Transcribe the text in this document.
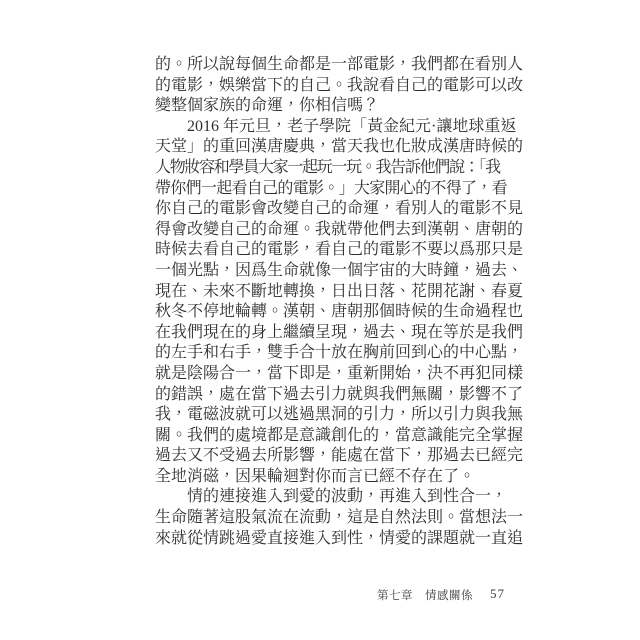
的。所以說每個生命都是一部電影，我們都在看別人
的電影，娛樂當下的自己。我說看自己的電影可以改
變整個家族的命運，你相信嗎？
　　2016 年元旦，老子學院「黃金紀元·讓地球重返
天堂」的重回漢唐慶典，當天我也化妝成漢唐時候的
人物妝容和學員大家一起玩一玩。我告訴他們說：「我
帶你們一起看自己的電影。」大家開心的不得了，看
你自己的電影會改變自己的命運，看別人的電影不見
得會改變自己的命運。我就帶他們去到漢朝、唐朝的
時候去看自己的電影，看自己的電影不要以爲那只是
一個光點，因爲生命就像一個宇宙的大時鐘，過去、
現在、未來不斷地轉換，日出日落、花開花謝、春夏
秋冬不停地輪轉。漢朝、唐朝那個時候的生命過程也
在我們現在的身上繼續呈現，過去、現在等於是我們
的左手和右手，雙手合十放在胸前回到心的中心點，
就是陰陽合一，當下即是，重新開始，決不再犯同樣
的錯誤，處在當下過去引力就與我們無關，影響不了
我，電磁波就可以逃過黑洞的引力，所以引力與我無
關。我們的處境都是意識創化的，當意識能完全掌握
過去又不受過去所影響，能處在當下，那過去已經完
全地消磁，因果輪迴對你而言已經不存在了。
　　情的連接進入到愛的波動，再進入到性合一，
生命隨著這股氣流在流動，這是自然法則。當想法一
來就從情跳過愛直接進入到性，情愛的課題就一直追
第七章　情感關係 57
